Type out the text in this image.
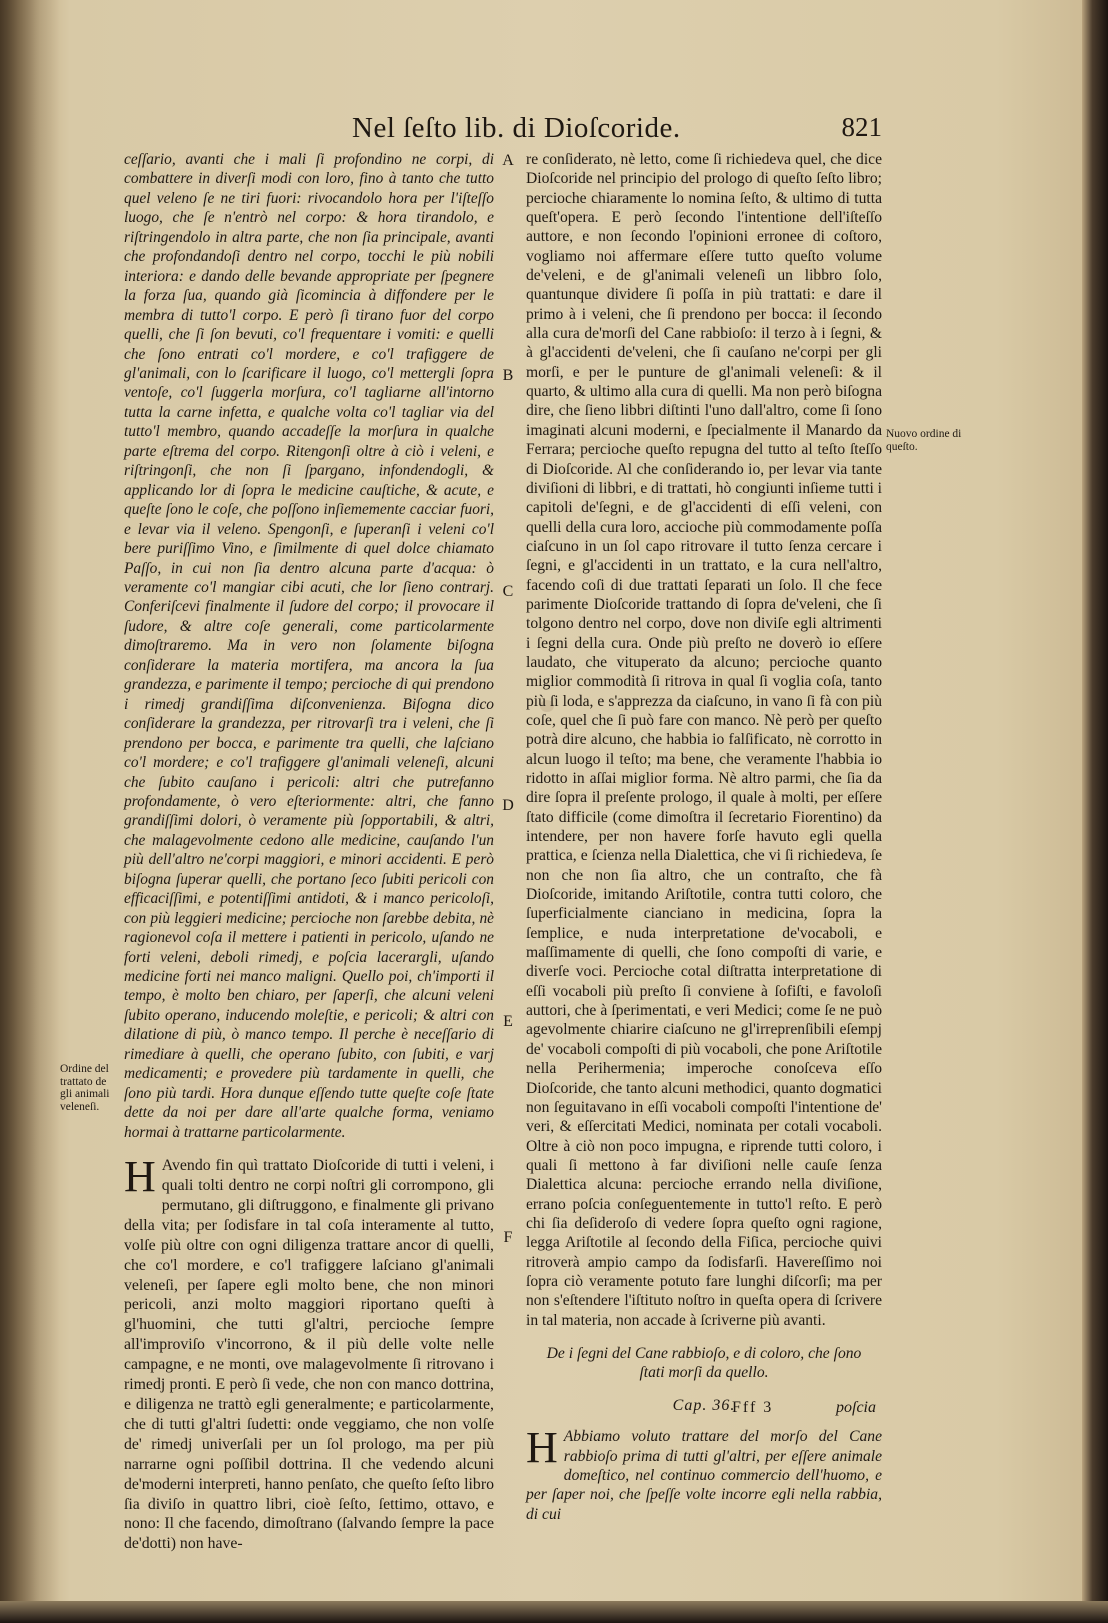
Nel ſeſto lib. di Dioſcoride.	821

ceſſario, avanti che i mali ſi profondino ne corpi, di combattere in diverſi modi con loro, fino à tanto che tutto quel veleno ſe ne tiri fuori: rivocandolo hora per l'iſteſſo luogo, che ſe n'entrò nel corpo: & hora tirandolo, e riſtringendolo in altra parte, che non ſia principale, avanti che profondandoſi dentro nel corpo, tocchi le più nobili interiora: e dando delle bevande appropriate per ſpegnere la forza ſua, quando già ſicomincia à diffondere per le membra di tutto'l corpo. E però ſi tirano fuor del corpo quelli, che ſi ſon bevuti, co'l frequentare i vomiti: e quelli che ſono entrati co'l mordere, e co'l trafiggere de gl'animali, con lo ſcarificare il luogo, co'l mettergli ſopra ventoſe, co'l ſuggerla morſura, co'l tagliarne all'intorno tutta la carne infetta, e qualche volta co'l tagliar via del tutto'l membro, quando accadeſſe la morſura in qualche parte eſtrema del corpo. Ritengonſi oltre à ciò i veleni, e riſtringonſi, che non ſi ſpargano, infondendogli, & applicando lor di ſopra le medicine cauſtiche, & acute, e queſte ſono le coſe, che poſſono inſiememente cacciar fuori, e levar via il veleno. Spengonſi, e ſuperanſi i veleni co'l bere puriſſimo Vino, e ſimilmente di quel dolce chiamato Paſſo, in cui non ſia dentro alcuna parte d'acqua: ò veramente co'l mangiar cibi acuti, che lor ſieno contrarj. Conferiſcevi finalmente il ſudore del corpo; il provocare il ſudore, & altre coſe generali, come particolarmente dimoſtraremo. Ma in vero non ſolamente biſogna conſiderare la materia mortifera, ma ancora la ſua grandezza, e parimente il tempo; percioche di qui prendono i rimedj grandiſſima diſconvenienza. Biſogna dico conſiderare la grandezza, per ritrovarſi tra i veleni, che ſi prendono per bocca, e parimente tra quelli, che laſciano co'l mordere; e co'l trafiggere gl'animali veleneſi, alcuni che ſubito cauſano i pericoli: altri che putrefanno profondamente, ò vero eſteriormente: altri, che fanno grandiſſimi dolori, ò veramente più ſopportabili, & altri, che malagevolmente cedono alle medicine, cauſando l'un più dell'altro ne'corpi maggiori, e minori accidenti. E però biſogna ſuperar quelli, che portano ſeco ſubiti pericoli con efficaciſſimi, e potentiſſimi antidoti, & i manco pericoloſi, con più leggieri medicine; percioche non ſarebbe debita, nè ragionevol coſa il mettere i patienti in pericolo, uſando ne forti veleni, deboli rimedj, e poſcia lacerargli, uſando medicine forti nei manco maligni. Quello poi, ch'importi il tempo, è molto ben chiaro, per ſaperſi, che alcuni veleni ſubito operano, inducendo moleſtie, e pericoli; & altri con dilatione di più, ò manco tempo. Il perche è neceſſario di rimediare à quelli, che operano ſubito, con ſubiti, e varj medicamenti; e provedere più tardamente in quelli, che ſono più tardi. Hora dunque eſſendo tutte queſte coſe ſtate dette da noi per dare all'arte qualche forma, veniamo hormai à trattarne particolarmente.

H Avendo fin quì trattato Dioſcoride di tutti i veleni, i quali tolti dentro ne corpi noſtri gli corrompono, gli permutano, gli diſtruggono, e finalmente gli privano della vita; per ſodisfare in tal coſa interamente al tutto, volſe più oltre con ogni diligenza trattare ancor di quelli, che co'l mordere, e co'l trafiggere laſciano gl'animali veleneſi, per ſapere egli molto bene, che non minori pericoli, anzi molto maggiori riportano queſti à gl'huomini, che tutti gl'altri, percioche ſempre all'improviſo v'incorrono, & il più delle volte nelle campagne, e ne monti, ove malagevolmente ſi ritrovano i rimedj pronti. E però ſi vede, che non con manco dottrina, e diligenza ne trattò egli generalmente; e particolarmente, che di tutti gl'altri ſudetti: onde veggiamo, che non volſe de' rimedj univerſali per un ſol prologo, ma per più narrarne ogni poſſibil dottrina. Il che vedendo alcuni de'moderni interpreti, hanno penſato, che queſto ſeſto libro ſia diviſo in quattro libri, cioè ſeſto, ſettimo, ottavo, e nono: Il che facendo, dimoſtrano (ſalvando ſempre la pace de'dotti) non have-

re conſiderato, nè letto, come ſi richiedeva quel, che dice Dioſcoride nel principio del prologo di queſto ſeſto libro; percioche chiaramente lo nomina ſeſto, & ultimo di tutta queſt'opera. E però ſecondo l'intentione dell'iſteſſo auttore, e non ſecondo l'opinioni erronee di coſtoro, vogliamo noi affermare eſſere tutto queſto volume de'veleni, e de gl'animali veleneſi un libbro ſolo, quantunque dividere ſi poſſa in più trattati: e dare il primo à i veleni, che ſi prendono per bocca: il ſecondo alla cura de'morſi del Cane rabbioſo: il terzo à i ſegni, & à gl'accidenti de'veleni, che ſi cauſano ne'corpi per gli morſi, e per le punture de gl'animali veleneſi: & il quarto, & ultimo alla cura di quelli. Ma non però biſogna dire, che ſieno libbri diſtinti l'uno dall'altro, come ſi ſono imaginati alcuni moderni, e ſpecialmente il Manardo da Ferrara; percioche queſto repugna del tutto al teſto ſteſſo di Dioſcoride. Al che conſiderando io, per levar via tante diviſioni di libbri, e di trattati, hò congiunti inſieme tutti i capitoli de'ſegni, e de gl'accidenti di eſſi veleni, con quelli della cura loro, accioche più commodamente poſſa ciaſcuno in un ſol capo ritrovare il tutto ſenza cercare i ſegni, e gl'accidenti in un trattato, e la cura nell'altro, facendo coſi di due trattati ſeparati un ſolo. Il che fece parimente Dioſcoride trattando di ſopra de'veleni, che ſi tolgono dentro nel corpo, dove non diviſe egli altrimenti i ſegni della cura. Onde più preſto ne doverò io eſſere laudato, che vituperato da alcuno; percioche quanto miglior commodità ſi ritrova in qual ſi voglia coſa, tanto più ſi loda, e s'apprezza da ciaſcuno, in vano ſi fà con più coſe, quel che ſi può fare con manco. Nè però per queſto potrà dire alcuno, che habbia io falſificato, nè corrotto in alcun luogo il teſto; ma bene, che veramente l'habbia io ridotto in aſſai miglior forma. Nè altro parmi, che ſia da dire ſopra il preſente prologo, il quale à molti, per eſſere ſtato difficile (come dimoſtra il ſecretario Fiorentino) da intendere, per non havere forſe havuto egli quella prattica, e ſcienza nella Dialettica, che vi ſi richiedeva, ſe non che non ſia altro, che un contraſto, che fà Dioſcoride, imitando Ariſtotile, contra tutti coloro, che ſuperficialmente cianciano in medicina, ſopra la ſemplice, e nuda interpretatione de'vocaboli, e maſſimamente di quelli, che ſono compoſti di varie, e diverſe voci. Percioche cotal diſtratta interpretatione di eſſi vocaboli più preſto ſi conviene à ſofiſti, e favoloſi auttori, che à ſperimentati, e veri Medici; come ſe ne può agevolmente chiarire ciaſcuno ne gl'irreprenſibili eſempj de' vocaboli compoſti di più vocaboli, che pone Ariſtotile nella Perihermenia; imperoche conoſceva eſſo Dioſcoride, che tanto alcuni methodici, quanto dogmatici non ſeguitavano in eſſi vocaboli compoſti l'intentione de' veri, & eſſercitati Medici, nominata per cotali vocaboli. Oltre à ciò non poco impugna, e riprende tutti coloro, i quali ſi mettono à far diviſioni nelle cauſe ſenza Dialettica alcuna: percioche errando nella diviſione, errano poſcia conſeguentemente in tutto'l reſto. E però chi ſia deſideroſo di vedere ſopra queſto ogni ragione, legga Ariſtotile al ſecondo della Fiſica, percioche quivi ritroverà ampio campo da ſodisfarſi. Havereſſimo noi ſopra ciò veramente potuto fare lunghi diſcorſi; ma per non s'eſtendere l'iſtituto noſtro in queſta opera di ſcrivere in tal materia, non accade à ſcriverne più avanti.

De i ſegni del Cane rabbioſo, e di coloro, che ſono ſtati morſi da quello.
Cap. 36.

H Abbiamo voluto trattare del morſo del Cane rabbioſo prima di tutti gl'altri, per eſſere animale domeſtico, nel continuo commercio dell'huomo, e per ſaper noi, che ſpeſſe volte incorre egli nella rabbia, di cui

A
B
C
D
E
F
Ordine del trattato de gli animali veleneſi.
Nuovo ordine di queſto.
Fff 3	poſcia
